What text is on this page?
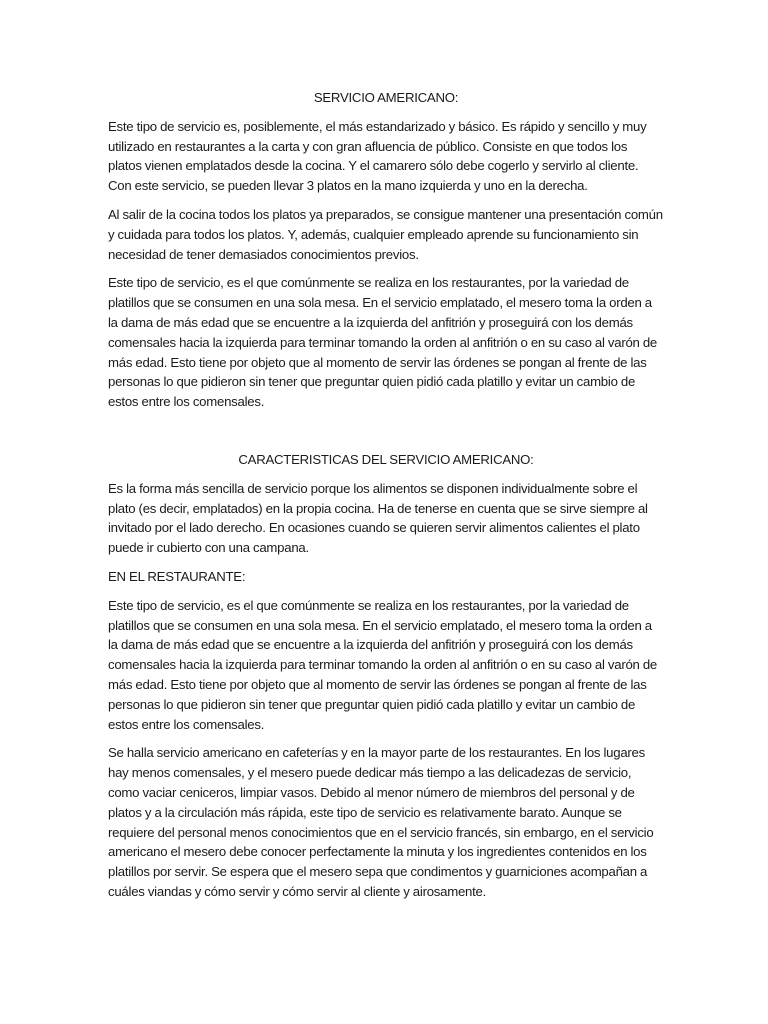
SERVICIO AMERICANO:

Este tipo de servicio es, posiblemente, el más estandarizado y básico. Es rápido y sencillo y muy utilizado en restaurantes a la carta y con gran afluencia de público. Consiste en que todos los platos vienen emplatados desde la cocina. Y el camarero sólo debe cogerlo y servirlo al cliente. Con este servicio, se pueden llevar 3 platos en la mano izquierda y uno en la derecha.

Al salir de la cocina todos los platos ya preparados, se consigue mantener una presentación común y cuidada para todos los platos. Y, además, cualquier empleado aprende su funcionamiento sin necesidad de tener demasiados conocimientos previos.

Este tipo de servicio, es el que comúnmente se realiza en los restaurantes, por la variedad de platillos que se consumen en una sola mesa. En el servicio emplatado, el mesero toma la orden a la dama de más edad que se encuentre a la izquierda del anfitrión y proseguirá con los demás comensales hacia la izquierda para terminar tomando la orden al anfitrión o en su caso al varón de más edad. Esto tiene por objeto que al momento de servir las órdenes se pongan al frente de las personas lo que pidieron sin tener que preguntar quien pidió cada platillo y evitar un cambio de estos entre los comensales.

CARACTERISTICAS DEL SERVICIO AMERICANO:

Es la forma más sencilla de servicio porque los alimentos se disponen individualmente sobre el plato (es decir, emplatados) en la propia cocina. Ha de tenerse en cuenta que se sirve siempre al invitado por el lado derecho. En ocasiones cuando se quieren servir alimentos calientes el plato puede ir cubierto con una campana.

EN EL RESTAURANTE:

Este tipo de servicio, es el que comúnmente se realiza en los restaurantes, por la variedad de platillos que se consumen en una sola mesa. En el servicio emplatado, el mesero toma la orden a la dama de más edad que se encuentre a la izquierda del anfitrión y proseguirá con los demás comensales hacia la izquierda para terminar tomando la orden al anfitrión o en su caso al varón de más edad. Esto tiene por objeto que al momento de servir las órdenes se pongan al frente de las personas lo que pidieron sin tener que preguntar quien pidió cada platillo y evitar un cambio de estos entre los comensales.

Se halla servicio americano en cafeterías y en la mayor parte de los restaurantes. En los lugares hay menos comensales, y el mesero puede dedicar más tiempo a las delicadezas de servicio, como vaciar ceniceros, limpiar vasos. Debido al menor número de miembros del personal y de platos y a la circulación más rápida, este tipo de servicio es relativamente barato. Aunque se requiere del personal menos conocimientos que en el servicio francés, sin embargo, en el servicio americano el mesero debe conocer perfectamente la minuta y los ingredientes contenidos en los platillos por servir. Se espera que el mesero sepa que condimentos y guarniciones acompañan a cuáles viandas y cómo servir y cómo servir al cliente y airosamente.
